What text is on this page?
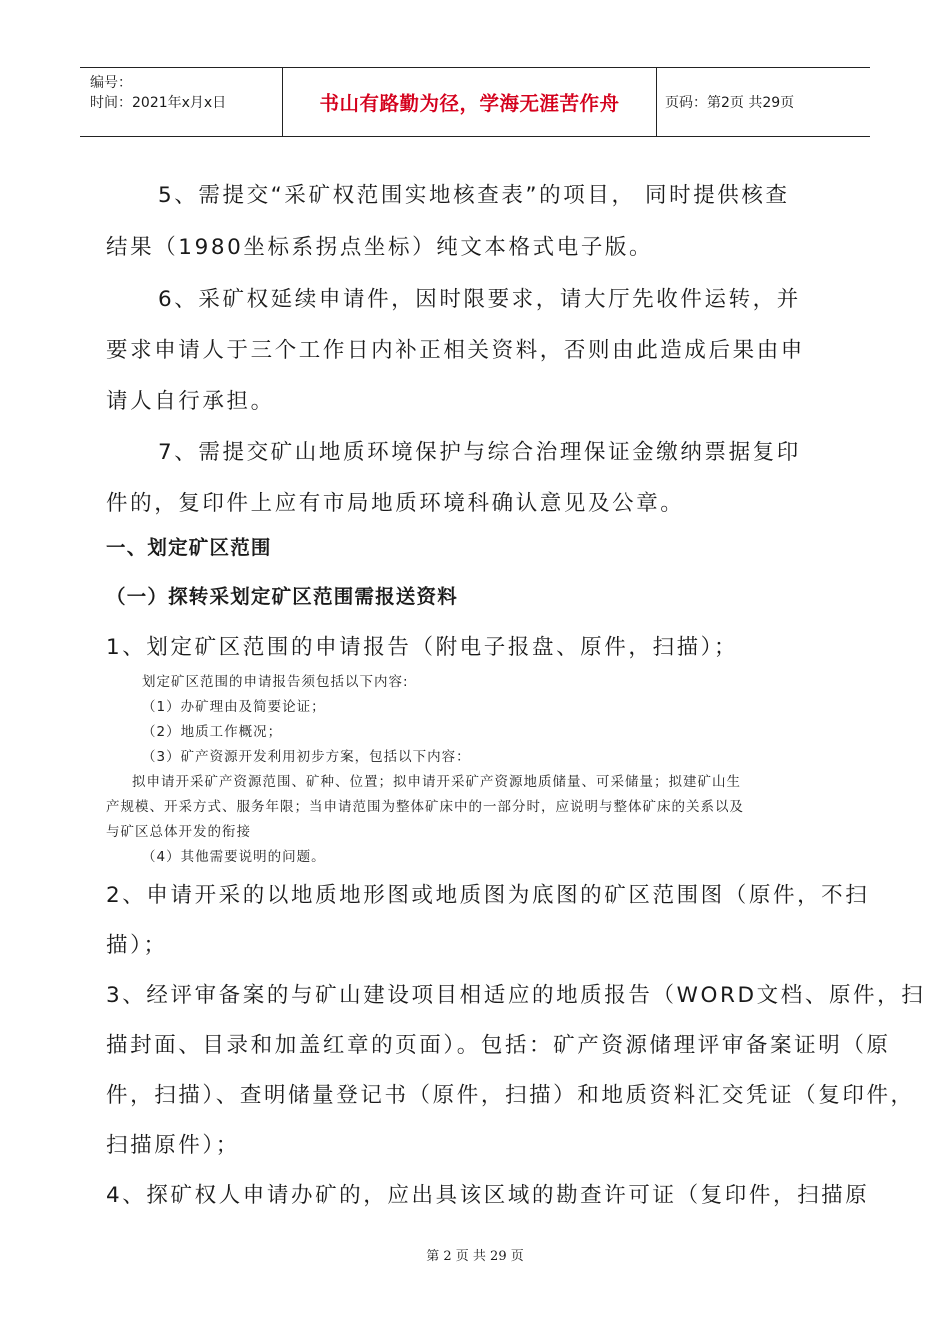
编号：
时间：2021年x月x日	书山有路勤为径，学海无涯苦作舟	页码：第2页 共29页

5、需提交“采矿权范围实地核查表”的项目， 同时提供核查

结果（1980坐标系拐点坐标）纯文本格式电子版。

6、采矿权延续申请件，因时限要求，请大厅先收件运转，并

要求申请人于三个工作日内补正相关资料，否则由此造成后果由申

请人自行承担。

7、需提交矿山地质环境保护与综合治理保证金缴纳票据复印

件的，复印件上应有市局地质环境科确认意见及公章。

一、划定矿区范围

（一）探转采划定矿区范围需报送资料

1、划定矿区范围的申请报告（附电子报盘、原件，扫描）；

划定矿区范围的申请报告须包括以下内容:

（1）办矿理由及简要论证；

（2）地质工作概况；

（3）矿产资源开发利用初步方案，包括以下内容：

拟申请开采矿产资源范围、矿种、位置；拟申请开采矿产资源地质储量、可采储量；拟建矿山生

产规模、开采方式、服务年限；当申请范围为整体矿床中的一部分时，应说明与整体矿床的关系以及

与矿区总体开发的衔接

（4）其他需要说明的问题。

2、申请开采的以地质地形图或地质图为底图的矿区范围图（原件，不扫

描）；

3、经评审备案的与矿山建设项目相适应的地质报告（WORD文档、原件，扫

描封面、目录和加盖红章的页面）。包括：矿产资源储理评审备案证明（原

件，扫描）、查明储量登记书（原件，扫描）和地质资料汇交凭证（复印件，

扫描原件）；

4、探矿权人申请办矿的，应出具该区域的勘查许可证（复印件，扫描原

第 2 页 共 29 页
